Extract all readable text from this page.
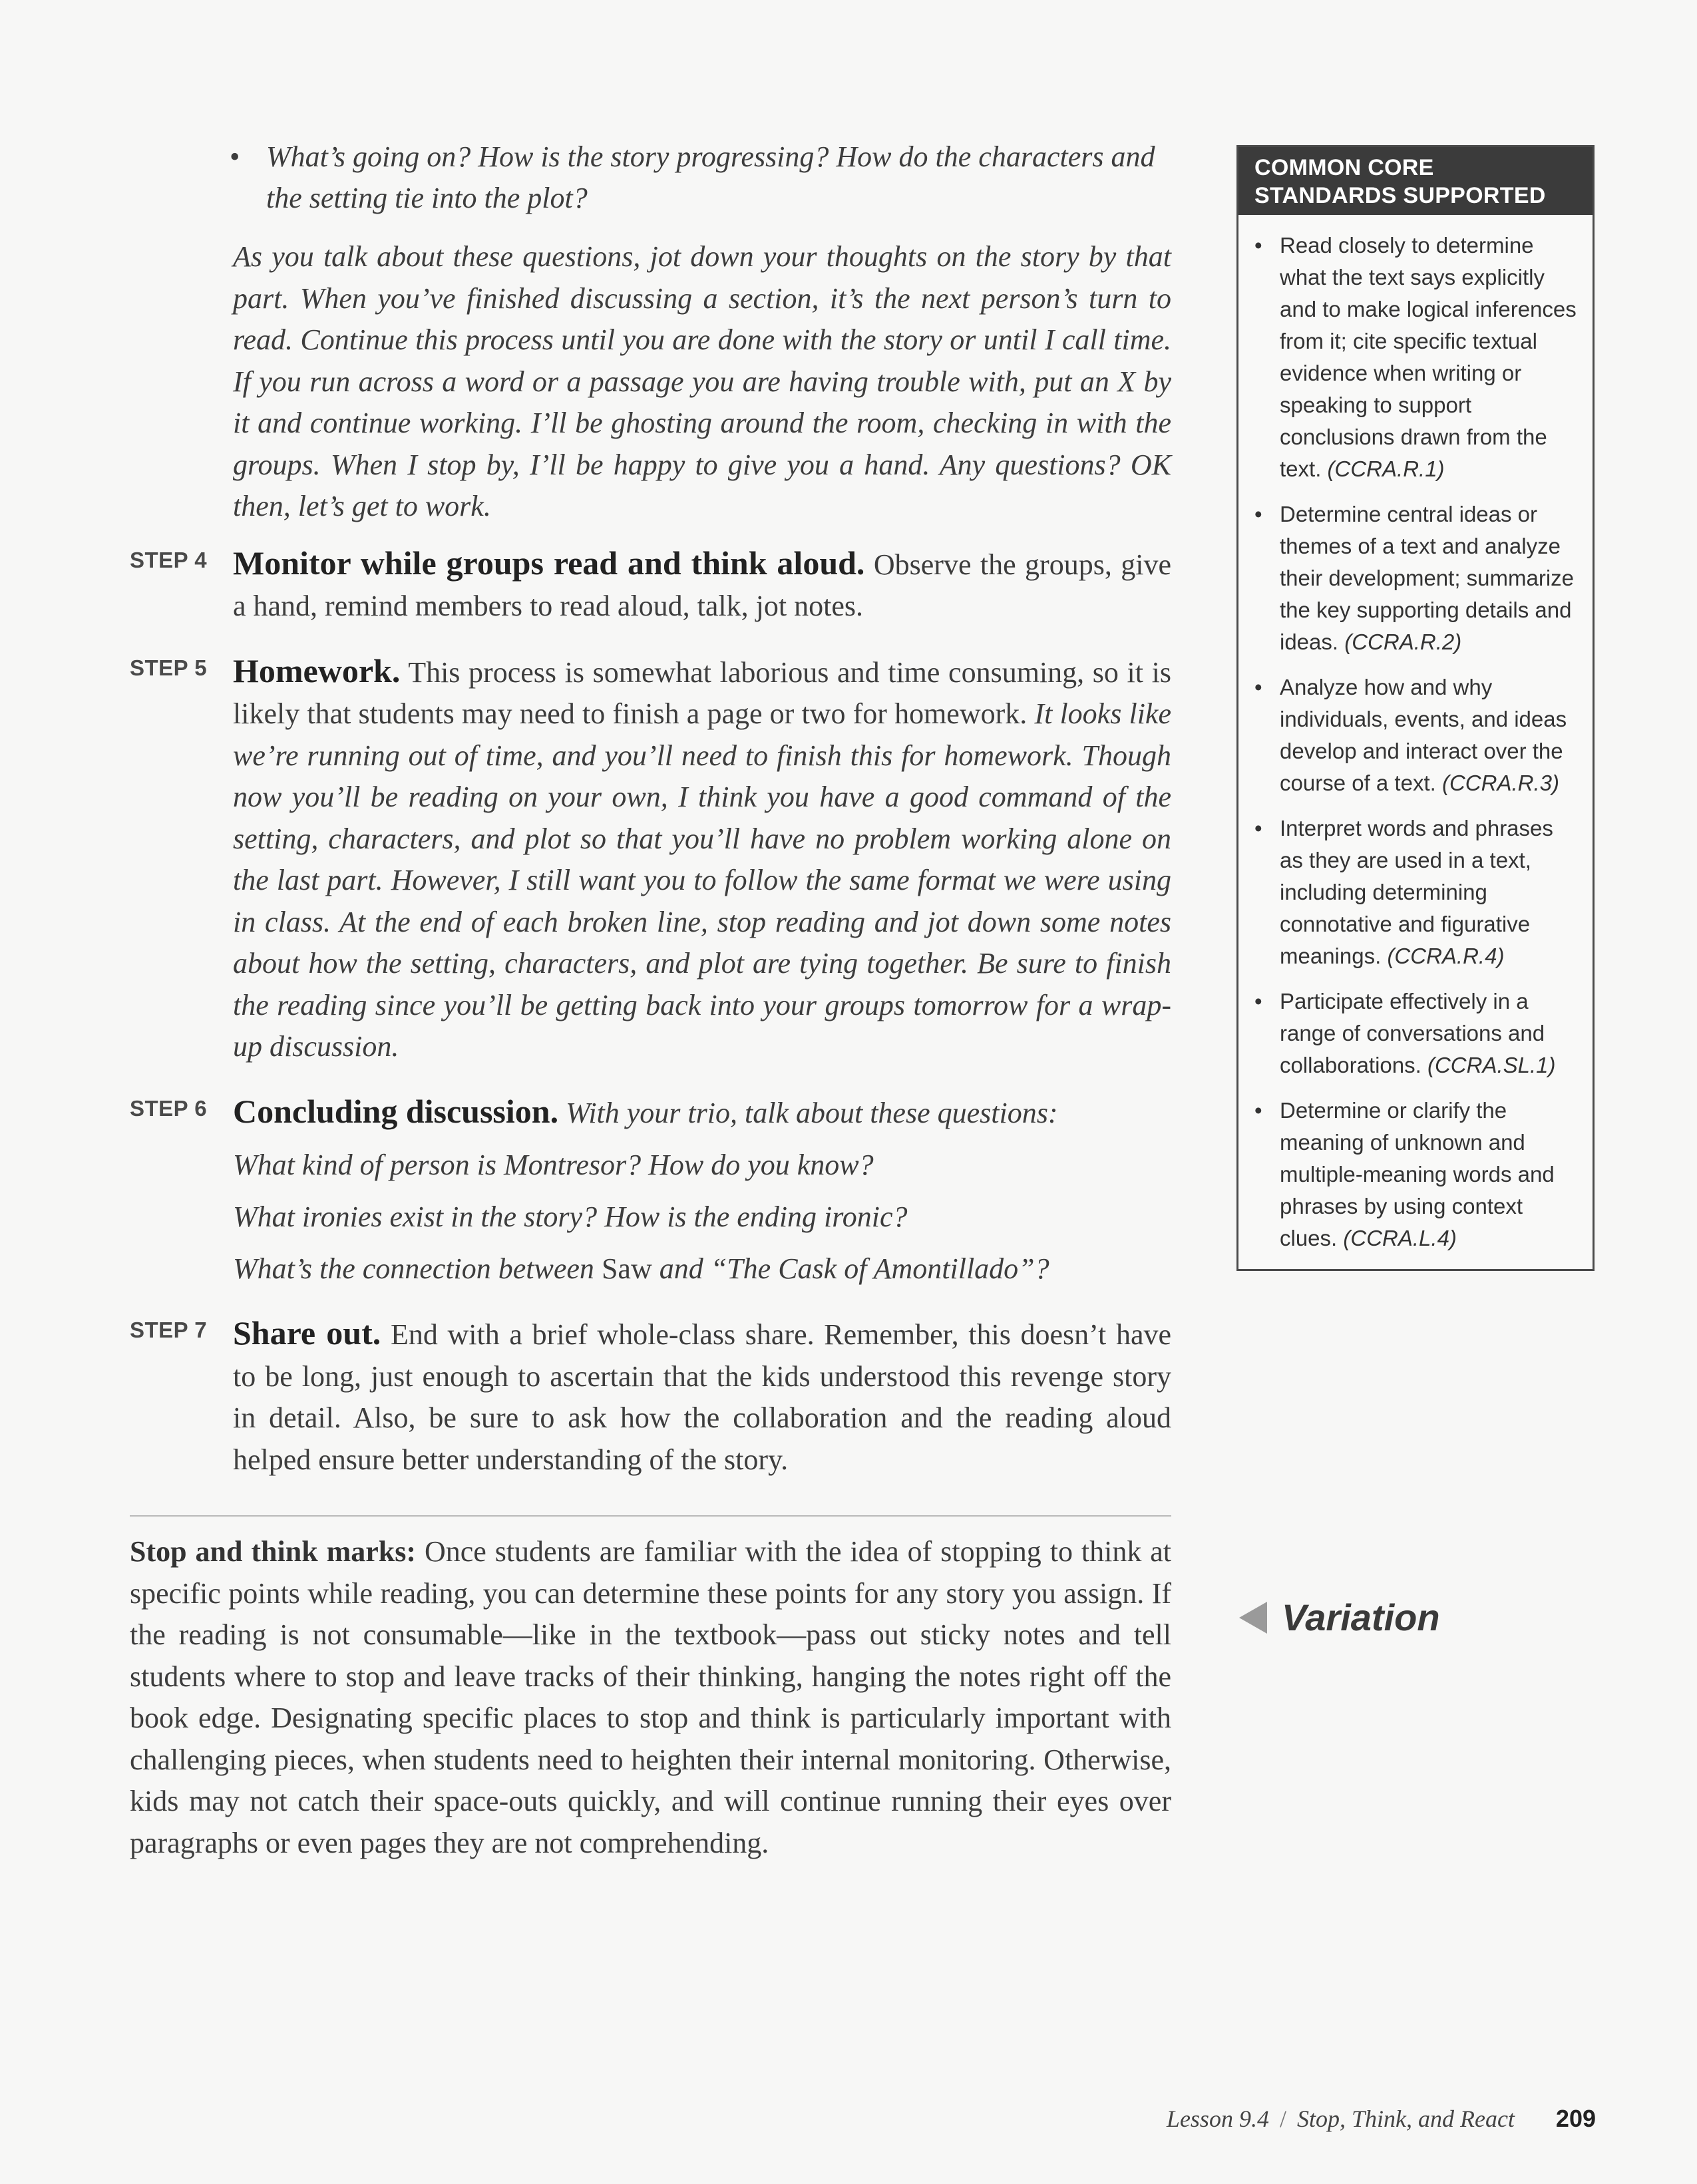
• What’s going on? How is the story progressing? How do the characters and the setting tie into the plot?
As you talk about these questions, jot down your thoughts on the story by that part. When you’ve finished discussing a section, it’s the next person’s turn to read. Continue this process until you are done with the story or until I call time. If you run across a word or a passage you are having trouble with, put an X by it and continue working. I’ll be ghosting around the room, checking in with the groups. When I stop by, I’ll be happy to give you a hand. Any questions? OK then, let’s get to work.
STEP 4 Monitor while groups read and think aloud. Observe the groups, give a hand, remind members to read aloud, talk, jot notes.
STEP 5 Homework. This process is somewhat laborious and time consuming, so it is likely that students may need to finish a page or two for homework. It looks like we’re running out of time, and you’ll need to finish this for homework. Though now you’ll be reading on your own, I think you have a good command of the setting, characters, and plot so that you’ll have no problem working alone on the last part. However, I still want you to follow the same format we were using in class. At the end of each broken line, stop reading and jot down some notes about how the setting, characters, and plot are tying together. Be sure to finish the reading since you’ll be getting back into your groups tomorrow for a wrap-up discussion.
STEP 6 Concluding discussion. With your trio, talk about these questions:
What kind of person is Montresor? How do you know?
What ironies exist in the story? How is the ending ironic?
What’s the connection between Saw and “The Cask of Amontillado”?
STEP 7 Share out. End with a brief whole-class share. Remember, this doesn’t have to be long, just enough to ascertain that the kids understood this revenge story in detail. Also, be sure to ask how the collaboration and the reading aloud helped ensure better understanding of the story.
Stop and think marks: Once students are familiar with the idea of stopping to think at specific points while reading, you can determine these points for any story you assign. If the reading is not consumable—like in the textbook—pass out sticky notes and tell students where to stop and leave tracks of their thinking, hanging the notes right off the book edge. Designating specific places to stop and think is particularly important with challenging pieces, when students need to heighten their internal monitoring. Otherwise, kids may not catch their space-outs quickly, and will continue running their eyes over paragraphs or even pages they are not comprehending.
COMMON CORE
STANDARDS SUPPORTED
• Read closely to determine what the text says explicitly and to make logical inferences from it; cite specific textual evidence when writing or speaking to support conclusions drawn from the text. (CCRA.R.1)
• Determine central ideas or themes of a text and analyze their development; summarize the key supporting details and ideas. (CCRA.R.2)
• Analyze how and why individuals, events, and ideas develop and interact over the course of a text. (CCRA.R.3)
• Interpret words and phrases as they are used in a text, including determining connotative and figurative meanings. (CCRA.R.4)
• Participate effectively in a range of conversations and collaborations. (CCRA.SL.1)
• Determine or clarify the meaning of unknown and multiple-meaning words and phrases by using context clues. (CCRA.L.4)
Variation
Lesson 9.4 / Stop, Think, and React 209
